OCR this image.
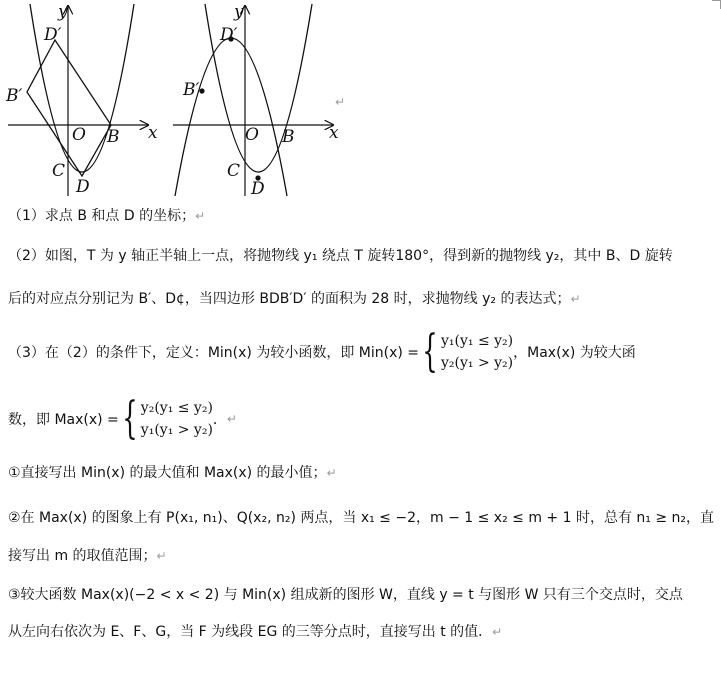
x
y
O B
C
D
B′
D′
x
y
O B
C
D
B′
D′
↵
（1）求点 B 和点 D 的坐标；↵
（2）如图，T 为 y 轴正半轴上一点，将抛物线 y₁ 绕点 T 旋转180°，得到新的抛物线 y₂，其中 B、D 旋转
后的对应点分别记为 B′、D¢，当四边形 BDB′D′ 的面积为 28 时，求抛物线 y₂ 的表达式；↵
（3）在（2）的条件下，定义：Min(x) 为较小函数，即 Min(x) = { y₁(y₁ ≤ y₂)
y₂(y₁ > y₂)
，Max(x) 为较大函
数，即 Max(x) = { y₂(y₁ ≤ y₂)
y₁(y₁ > y₂)
． ↵
①直接写出 Min(x) 的最大值和 Max(x) 的最小值；↵
②在 Max(x) 的图象上有 P(x₁, n₁)、Q(x₂, n₂) 两点，当 x₁ ≤ −2，m − 1 ≤ x₂ ≤ m + 1 时，总有 n₁ ≥ n₂，直
接写出 m 的取值范围；↵
③较大函数 Max(x)(−2 < x < 2) 与 Min(x) 组成新的图形 W，直线 y = t 与图形 W 只有三个交点时，交点
从左向右依次为 E、F、G，当 F 为线段 EG 的三等分点时，直接写出 t 的值．↵
